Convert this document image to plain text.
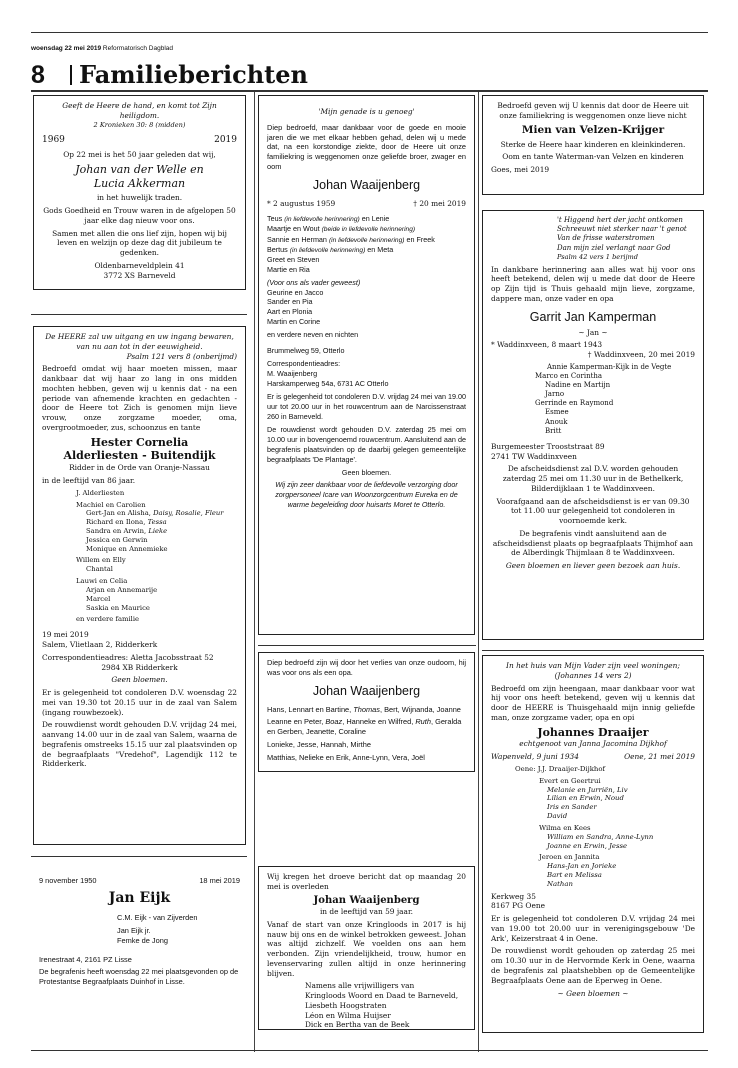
woensdag 22 mei 2019 Reformatorisch Dagblad
8 Familieberichten

Geeft de Heere de hand, en komt tot Zijn heiligdom.

2 Kronieken 30: 8 (midden)

1969	2019

Op 22 mei is het 50 jaar geleden dat wij,

Johan van der Welle en

Lucia Akkerman

in het huwelijk traden.

Gods Goedheid en Trouw waren in de afgelopen 50 jaar elke dag nieuw voor ons.

Samen met allen die ons lief zijn, hopen wij bij leven en welzijn op deze dag dit jubileum te gedenken.

Oldenbarneveldplein 41

3772 XS Barneveld

De HEERE zal uw uitgang en uw ingang bewaren, van nu aan tot in der eeuwigheid.

Psalm 121 vers 8 (onberijmd)

Bedroefd omdat wij haar moeten missen, maar dankbaar dat wij haar zo lang in ons midden mochten hebben, geven wij u kennis dat - na een periode van afnemende krachten en gedachten - door de Heere tot Zich is genomen mijn lieve vrouw, onze zorgzame moeder, oma, overgrootmoeder, zus, schoonzus en tante

Hester Cornelia

Alderliesten - Buitendijk

Ridder in de Orde van Oranje-Nassau

in de leeftijd van 86 jaar.

J. Alderliesten
Machiel en Carolien
Gert-Jan en Alisha, Daisy, Rosalie, Fleur
Richard en Ilona, Tessa
Sandra en Arwin, Lieke
Jessica en Gerwin
Monique en Annemieke
Willem en Elly
Chantal
Lauwi en Celia
Arjan en Annemarije
Marcel
Saskia en Maurice
en verdere familie

19 mei 2019

Salem, Vlietlaan 2, Ridderkerk

Correspondentieadres: Aletta Jacobsstraat 52

2984 XB Ridderkerk

Geen bloemen.

Er is gelegenheid tot condoleren D.V. woensdag 22 mei van 19.30 tot 20.15 uur in de zaal van Salem (ingang rouwbezoek).

De rouwdienst wordt gehouden D.V. vrijdag 24 mei, aanvang 14.00 uur in de zaal van Salem, waarna de begrafenis omstreeks 15.15 uur zal plaatsvinden op de begraafplaats "Vredehof", Lagendijk 112 te Ridderkerk.

9 november 1950	18 mei 2019

Jan Eijk

C.M. Eijk - van Zijverden

Jan Eijk jr.

Femke de Jong

Irenestraat 4, 2161 PZ Lisse

De begrafenis heeft woensdag 22 mei plaatsgevonden op de Protestantse Begraafplaats Duinhof in Lisse.

'Mijn genade is u genoeg'

Diep bedroefd, maar dankbaar voor de goede en mooie jaren die we met elkaar hebben gehad, delen wij u mede dat, na een korstondige ziekte, door de Heere uit onze familiekring is weggenomen onze geliefde broer, zwager en oom

Johan Waaijenberg

* 2 augustus 1959	† 20 mei 2019

Teus (in liefdevolle herinnering) en Lenie

Maartje en Wout (beide in liefdevolle herinnering)

Sannie en Herman (in liefdevolle herinnering) en Freek

Bertus (in liefdevolle herinnering) en Meta

Greet en Steven

Martie en Ria

(Voor ons als vader geweest)

Geurine en Jacco

Sander en Pia

Aart en Plonia

Martin en Corine

en verdere neven en nichten

Brummelweg 59, Otterlo

Correspondentieadres:

M. Waaijenberg

Harskamperweg 54a, 6731 AC Otterlo

Er is gelegenheid tot condoleren D.V. vrijdag 24 mei van 19.00 uur tot 20.00 uur in het rouwcentrum aan de Narcissenstraat 260 in Barneveld.

De rouwdienst wordt gehouden D.V. zaterdag 25 mei om 10.00 uur in bovengenoemd rouwcentrum. Aansluitend aan de begrafenis plaatsvinden op de daarbij gelegen gemeentelijke begraafplaats 'De Plantage'.

Geen bloemen.

Wij zijn zeer dankbaar voor de liefdevolle verzorging door zorgpersoneel Icare van Woonzorgcentrum Eureka en de warme begeleiding door huisarts Moret te Otterlo.

Diep bedroefd zijn wij door het verlies van onze oudoom, hij was voor ons als een opa.

Johan Waaijenberg

Hans, Lennart en Bartine, Thomas, Bert, Wijnanda, Joanne

Leanne en Peter, Boaz, Hanneke en Wilfred, Ruth, Geralda en Gerben, Jeanette, Coraline

Lonieke, Jesse, Hannah, Mirthe

Matthias, Nelieke en Erik, Anne-Lynn, Vera, Joël

Wij kregen het droeve bericht dat op maandag 20 mei is overleden

Johan Waaijenberg

in de leeftijd van 59 jaar.

Vanaf de start van onze Kringloods in 2017 is hij nauw bij ons en de winkel betrokken geweest. Johan was altijd zichzelf. We voelden ons aan hem verbonden. Zijn vriendelijkheid, trouw, humor en levenservaring zullen altijd in onze herinnering blijven.

Namens alle vrijwilligers van

Kringloods Woord en Daad te Barneveld,

Liesbeth Hoogstraten

Léon en Wilma Huijser

Dick en Bertha van de Beek

Bedroefd geven wij U kennis dat door de Heere uit onze familiekring is weggenomen onze lieve nicht

Mien van Velzen-Krijger

Sterke de Heere haar kinderen en kleinkinderen.

Oom en tante Waterman-van Velzen en kinderen

Goes, mei 2019

't Higgend hert der jacht ontkomen

Schreeuwt niet sterker naar 't genot

Van de frisse waterstromen

Dan mijn ziel verlangt naar God

Psalm 42 vers 1 berijmd

In dankbare herinnering aan alles wat hij voor ons heeft betekend, delen wij u mede dat door de Heere op Zijn tijd is Thuis gehaald mijn lieve, zorgzame, dappere man, onze vader en opa

Garrit Jan Kamperman

~ Jan ~

* Waddinxveen, 8 maart 1943

† Waddinxveen, 20 mei 2019

Annie Kamperman-Kijk in de Vegte
Marco en Corintha
Nadine en Martijn
Jarno
Gerrinde en Raymond
Esmee
Anouk
Britt

Burgemeester Trooststraat 89

2741 TW Waddinxveen

De afscheidsdienst zal D.V. worden gehouden zaterdag 25 mei om 11.30 uur in de Bethelkerk, Bilderdijklaan 1 te Waddinxveen.

Voorafgaand aan de afscheidsdienst is er van 09.30 tot 11.00 uur gelegenheid tot condoleren in voornoemde kerk.

De begrafenis vindt aansluitend aan de afscheidsdienst plaats op begraafplaats Thijmhof aan de Alberdingk Thijmlaan 8 te Waddinxveen.

Geen bloemen en liever geen bezoek aan huis.

In het huis van Mijn Vader zijn veel woningen;

(Johannes 14 vers 2)

Bedroefd om zijn heengaan, maar dankbaar voor wat hij voor ons heeft betekend, geven wij u kennis dat door de HEERE is Thuisgehaald mijn innig geliefde man, onze zorgzame vader, opa en opi

Johannes Draaijer

echtgenoot van Janna Jacomina Dijkhof

Wapenveld, 9 juni 1934	Oene, 21 mei 2019
Oene: J.J. Draaijer-Dijkhof
Evert en Geertrui
Melanie en Jurriën, Liv
Lilian en Erwin, Noud
Iris en Sander
David
Wilma en Kees
William en Sandra, Anne-Lynn
Joanne en Erwin, Jesse
Jeroen en Jannita
Hans-Jan en Jorieke
Bart en Melissa
Nathan

Kerkweg 35

8167 PG Oene

Er is gelegenheid tot condoleren D.V. vrijdag 24 mei van 19.00 tot 20.00 uur in verenigingsgebouw 'De Ark', Keizerstraat 4 in Oene.

De rouwdienst wordt gehouden op zaterdag 25 mei om 10.30 uur in de Hervormde Kerk in Oene, waarna de begrafenis zal plaatshebben op de Gemeentelijke Begraafplaats Oene aan de Eperweg in Oene.

~ Geen bloemen ~
